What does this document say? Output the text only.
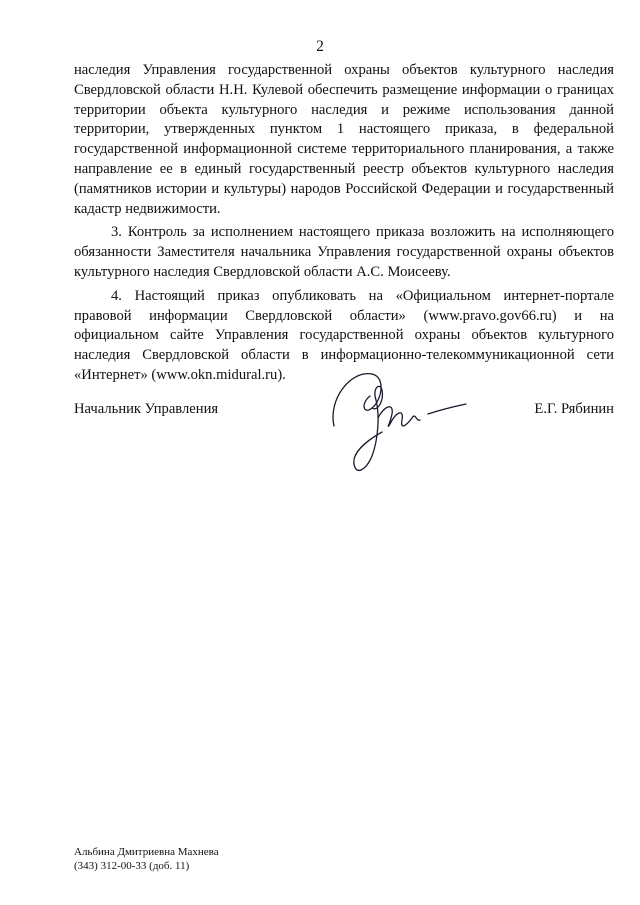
2

наследия Управления государственной охраны объектов культурного наследия Свердловской области Н.Н. Кулевой обеспечить размещение информации о границах территории объекта культурного наследия и режиме использования данной территории, утвержденных пунктом 1 настоящего приказа, в федеральной государственной информационной системе территориального планирования, а также направление ее в единый государственный реестр объектов культурного наследия (памятников истории и культуры) народов Российской Федерации и государственный кадастр недвижимости.

3. Контроль за исполнением настоящего приказа возложить на исполняющего обязанности Заместителя начальника Управления государственной охраны объектов культурного наследия Свердловской области А.С. Моисееву.

4. Настоящий приказ опубликовать на «Официальном интернет-портале правовой информации Свердловской области» (www.pravo.gov66.ru) и на официальном сайте Управления государственной охраны объектов культурного наследия Свердловской области в информационно-телекоммуникационной сети «Интернет» (www.okn.midural.ru).

Начальник Управления	Е.Г. Рябинин
Альбина Дмитриевна Махнева
(343) 312-00-33 (доб. 11)
